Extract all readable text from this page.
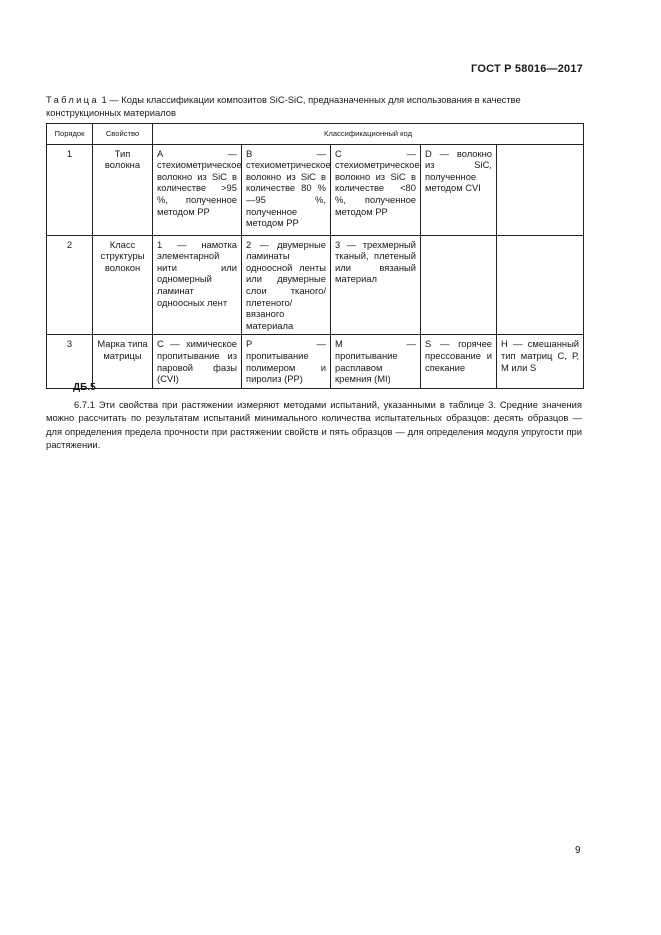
ГОСТ Р 58016—2017
Таблица 1 — Коды классификации композитов SiC-SiC, предназначенных для использования в качестве конструкционных материалов
Порядок	Свойство	Классификационный код				
1	Тип волокна	А — стехиометрическое волокно из SiC в количестве >95 %, полученное методом PP	В — стехиометрическое волокно из SiC в количестве 80 % —95 %, полученное методом PP	С — стехиометрическое волокно из SiC в количестве <80 %, полученное методом PP	D — волокно из SiC, полученное методом CVI	
2	Класс структуры волокон	1 — намотка элементарной нити или одномерный ламинат одноосных лент	2 — двумерные ламинаты одноосной ленты или двумерные слои тканого/плетеного/вязаного материала	3 — трехмерный тканый, плетеный или вязаный материал		
3	Марка типа матрицы	С — химическое пропитывание из паровой фазы (CVI)	Р — пропитывание полимером и пиролиз (PP)	М — пропитывание расплавом кремния (MI)	S — горячее прессование и спекание	Н — смешанный тип матриц С, Р, М или S
ДБ.5
6.7.1 Эти свойства при растяжении измеряют методами испытаний, указанными в таблице 3. Средние значения можно рассчитать по результатам испытаний минимального количества испытательных образцов: десять образцов — для определения предела прочности при растяжении свойств и пять образцов — для определения модуля упругости при растяжении.
9
